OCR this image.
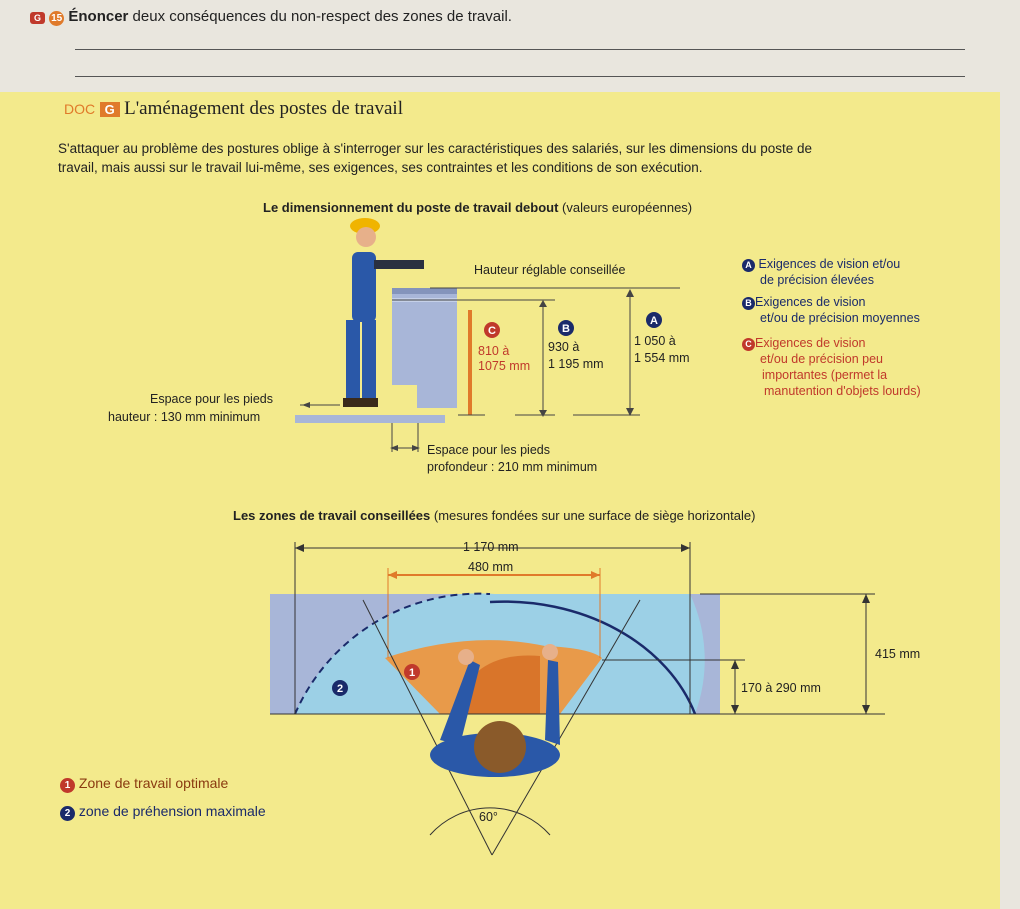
G 15 Énoncer deux conséquences du non-respect des zones de travail.
DOC G L'aménagement des postes de travail
S'attaquer au problème des postures oblige à s'interroger sur les caractéristiques des salariés, sur les dimensions du poste de
travail, mais aussi sur le travail lui-même, ses exigences, ses contraintes et les conditions de son exécution.
Le dimensionnement du poste de travail debout (valeurs européennes)
C	B
A
Hauteur réglable conseillée
810 à
1075 mm
930 à
1 195 mm
1 050 à
1 554 mm
Espace pour les pieds
hauteur : 130 mm minimum
Espace pour les pieds
profondeur : 210 mm minimum
A Exigences de vision et/ou
de précision élevées
B Exigences de vision
et/ou de précision moyennes
C Exigences de vision
et/ou de précision peu
importantes (permet la
manutention d'objets lourds)
Les zones de travail conseillées (mesures fondées sur une surface de siège horizontale)
1
2
1 170 mm
480 mm
415 mm
170 à 290 mm
60°
1 Zone de travail optimale
2 zone de préhension maximale
